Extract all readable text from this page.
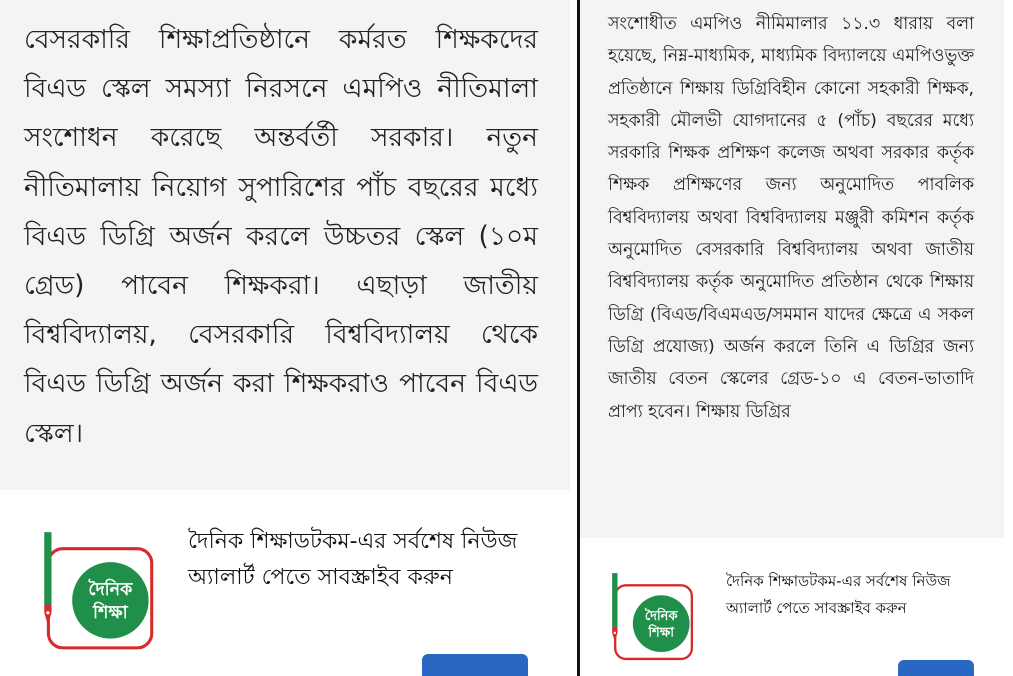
বেসরকারি শিক্ষাপ্রতিষ্ঠানে কর্মরত শিক্ষকদের বিএড স্কেল সমস্যা নিরসনে এমপিও নীতিমালা সংশোধন করেছে অন্তর্বর্তী সরকার। নতুন নীতিমালায় নিয়োগ সুপারিশের পাঁচ বছরের মধ্যে বিএড ডিগ্রি অর্জন করলে উচ্চতর স্কেল (১০ম গ্রেড) পাবেন শিক্ষকরা। এছাড়া জাতীয় বিশ্ববিদ্যালয়, বেসরকারি বিশ্ববিদ্যালয় থেকে বিএড ডিগ্রি অর্জন করা শিক্ষকরাও পাবেন বিএড স্কেল।

দৈনিক
শিক্ষা
দৈনিক শিক্ষাডটকম-এর সর্বশেষ নিউজ অ্যালার্ট পেতে সাবস্ক্রাইব করুন

সংশোধীত এমপিও নীমিমালার ১১.৩ ধারায় বলা হয়েছে, নিম্ন-মাধ্যমিক, মাধ্যমিক বিদ্যালয়ে এমপিওভুক্ত প্রতিষ্ঠানে শিক্ষায় ডিগ্রিবিহীন কোনো সহকারী শিক্ষক, সহকারী মৌলভী যোগদানের ৫ (পাঁচ) বছরের মধ্যে সরকারি শিক্ষক প্রশিক্ষণ কলেজ অথবা সরকার কর্তৃক শিক্ষক প্রশিক্ষণের জন্য অনুমোদিত পাবলিক বিশ্ববিদ্যালয় অথবা বিশ্ববিদ্যালয় মঞ্জুরী কমিশন কর্তৃক অনুমোদিত বেসরকারি বিশ্ববিদ্যালয় অথবা জাতীয় বিশ্ববিদ্যালয় কর্তৃক অনুমোদিত প্রতিষ্ঠান থেকে শিক্ষায় ডিগ্রি (বিএড/বিএমএড/সমমান যাদের ক্ষেত্রে এ সকল ডিগ্রি প্রযোজ্য) অর্জন করলে তিনি এ ডিগ্রির জন্য জাতীয় বেতন স্কেলের গ্রেড-১০ এ বেতন-ভাতাদি প্রাপ্য হবেন। শিক্ষায় ডিগ্রির

দৈনিক
শিক্ষা
দৈনিক শিক্ষাডটকম-এর সর্বশেষ নিউজ অ্যালার্ট পেতে সাবস্ক্রাইব করুন
